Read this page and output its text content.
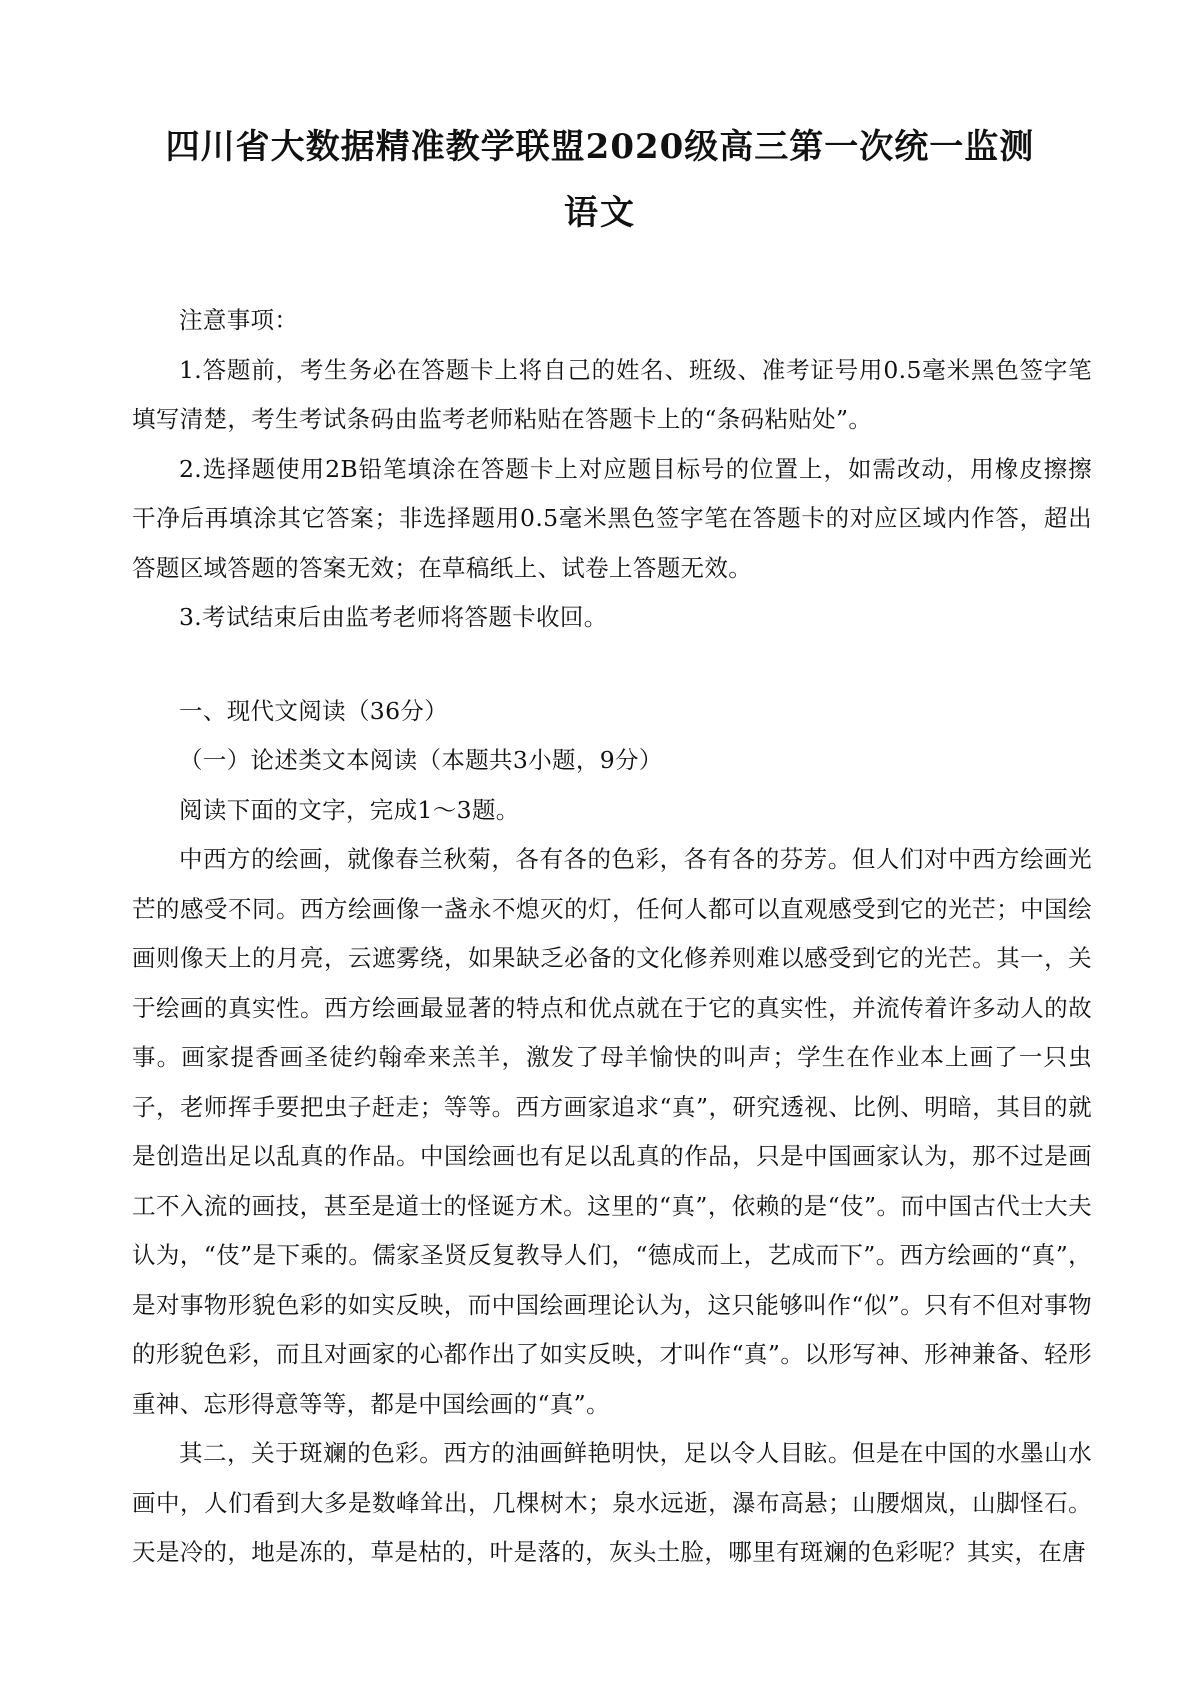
四川省大数据精准教学联盟2020级高三第一次统一监测
语文

注意事项：

1.答题前，考生务必在答题卡上将自己的姓名、班级、准考证号用0.5毫米黑色签字笔填写清楚，考生考试条码由监考老师粘贴在答题卡上的“条码粘贴处”。

2.选择题使用2B铅笔填涂在答题卡上对应题目标号的位置上，如需改动，用橡皮擦擦干净后再填涂其它答案；非选择题用0.5毫米黑色签字笔在答题卡的对应区域内作答，超出答题区域答题的答案无效；在草稿纸上、试卷上答题无效。

3.考试结束后由监考老师将答题卡收回。

一、现代文阅读（36分）

（一）论述类文本阅读（本题共3小题，9分）

阅读下面的文字，完成1～3题。

中西方的绘画，就像春兰秋菊，各有各的色彩，各有各的芬芳。但人们对中西方绘画光芒的感受不同。西方绘画像一盏永不熄灭的灯，任何人都可以直观感受到它的光芒；中国绘画则像天上的月亮，云遮雾绕，如果缺乏必备的文化修养则难以感受到它的光芒。其一，关于绘画的真实性。西方绘画最显著的特点和优点就在于它的真实性，并流传着许多动人的故事。画家提香画圣徒约翰牵来羔羊，激发了母羊愉快的叫声；学生在作业本上画了一只虫子，老师挥手要把虫子赶走；等等。西方画家追求“真”，研究透视、比例、明暗，其目的就是创造出足以乱真的作品。中国绘画也有足以乱真的作品，只是中国画家认为，那不过是画工不入流的画技，甚至是道士的怪诞方术。这里的“真”，依赖的是“伎”。而中国古代士大夫认为，“伎”是下乘的。儒家圣贤反复教导人们，“德成而上，艺成而下”。西方绘画的“真”，是对事物形貌色彩的如实反映，而中国绘画理论认为，这只能够叫作“似”。只有不但对事物的形貌色彩，而且对画家的心都作出了如实反映，才叫作“真”。以形写神、形神兼备、轻形重神、忘形得意等等，都是中国绘画的“真”。

其二，关于斑斓的色彩。西方的油画鲜艳明快，足以令人目眩。但是在中国的水墨山水画中，人们看到大多是数峰耸出，几棵树木；泉水远逝，瀑布高悬；山腰烟岚，山脚怪石。天是冷的，地是冻的，草是枯的，叶是落的，灰头土脸，哪里有斑斓的色彩呢？其实，在唐
